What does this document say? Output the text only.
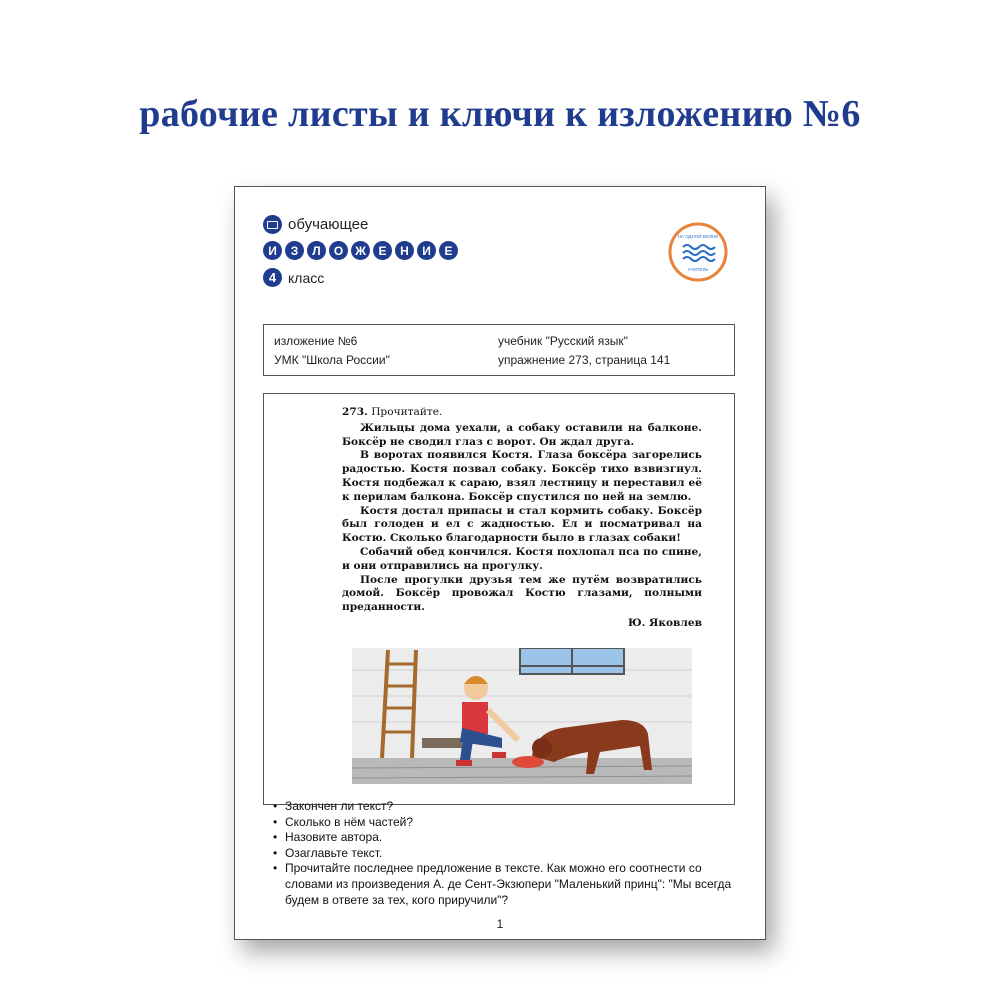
рабочие листы и ключи к изложению №6
обучающее
И	З	Л	О Ж	Е	Н	И	Е
4 класс
НА ОДНОЙ ВОЛНЕ
УЧИТЕЛЬ
изложение №6	учебник "Русский язык"
УМК "Школа России"	упражнение 273, страница 141

273. Прочитайте.

Жильцы дома уехали, а собаку оставили на балконе. Боксёр не сводил глаз с ворот. Он ждал друга.

В воротах появился Костя. Глаза боксёра загорелись радостью. Костя позвал собаку. Боксёр тихо взвизгнул. Костя подбежал к сараю, взял лестницу и переставил её к перилам балкона. Боксёр спустился по ней на землю.

Костя достал припасы и стал кормить собаку. Боксёр был голоден и ел с жадностью. Ел и посматривал на Костю. Сколько благодарности было в глазах собаки!

Собачий обед кончился. Костя похлопал пса по спине, и они отправились на прогулку.

После прогулки друзья тем же путём возвратились домой. Боксёр провожал Костю глазами, полными преданности.

Ю. Яковлев

• Закончен ли текст?
• Сколько в нём частей?
• Назовите автора.
• Озаглавьте текст.
• Прочитайте последнее предложение в тексте. Как можно его соотнести со словами из произведения А. де Сент-Экзюпери "Маленький принц": "Мы всегда будем в ответе за тех, кого приручили"?
1
